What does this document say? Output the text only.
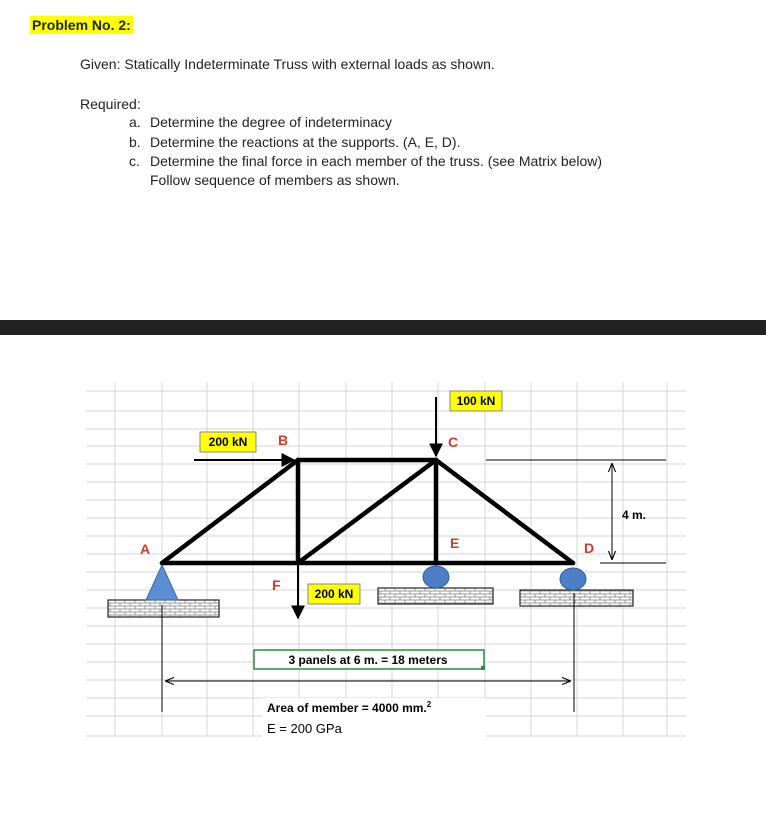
Problem No. 2:
Given: Statically Indeterminate Truss with external loads as shown.
Required:
a. Determine the degree of indeterminacy
b. Determine the reactions at the supports. (A, E, D).
c. Determine the final force in each member of the truss. (see Matrix below)
Follow sequence of members as shown.
200 kN
100 kN
200 kN
A
B	C
D
E
F
4 m.
3 panels at 6 m. = 18 meters
Area of member = 4000 mm.$^2$
E = 200 GPa
